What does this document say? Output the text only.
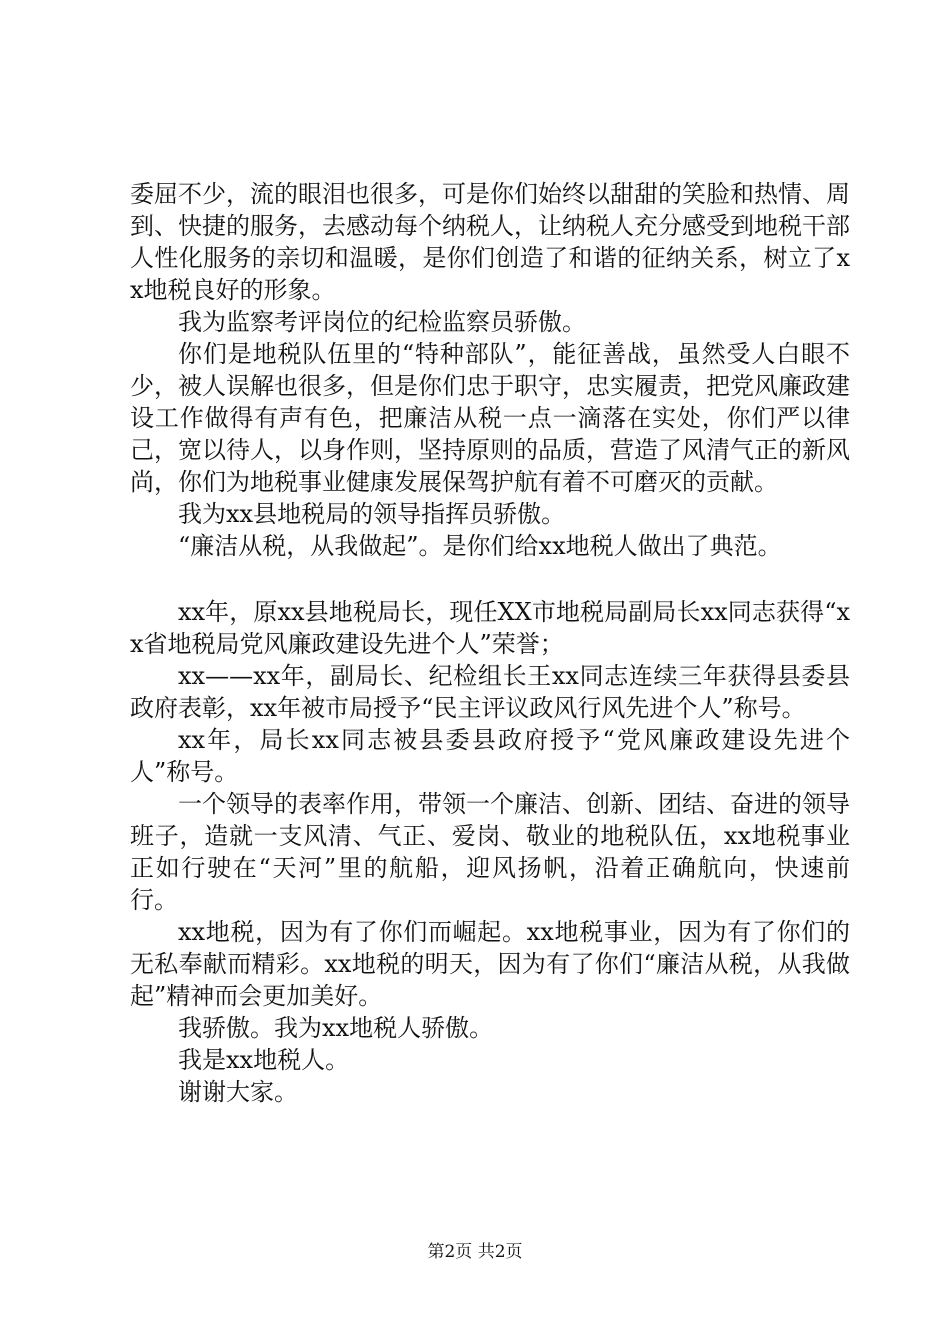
委屈不少，流的眼泪也很多，可是你们始终以甜甜的笑脸和热情、周到、快捷的服务，去感动每个纳税人，让纳税人充分感受到地税干部人性化服务的亲切和温暖，是你们创造了和谐的征纳关系，树立了xx地税良好的形象。

我为监察考评岗位的纪检监察员骄傲。

你们是地税队伍里的“特种部队”，能征善战，虽然受人白眼不少，被人误解也很多，但是你们忠于职守，忠实履责，把党风廉政建设工作做得有声有色，把廉洁从税一点一滴落在实处，你们严以律己，宽以待人，以身作则，坚持原则的品质，营造了风清气正的新风尚，你们为地税事业健康发展保驾护航有着不可磨灭的贡献。

我为xx县地税局的领导指挥员骄傲。

“廉洁从税，从我做起”。是你们给xx地税人做出了典范。

xx年，原xx县地税局长，现任XX市地税局副局长xx同志获得“xx省地税局党风廉政建设先进个人”荣誉；

xx——xx年，副局长、纪检组长王xx同志连续三年获得县委县政府表彰，xx年被市局授予“民主评议政风行风先进个人”称号。

xx年，局长xx同志被县委县政府授予“党风廉政建设先进个人”称号。

一个领导的表率作用，带领一个廉洁、创新、团结、奋进的领导班子，造就一支风清、气正、爱岗、敬业的地税队伍，xx地税事业正如行驶在“天河”里的航船，迎风扬帆，沿着正确航向，快速前行。

xx地税，因为有了你们而崛起。xx地税事业，因为有了你们的无私奉献而精彩。xx地税的明天，因为有了你们“廉洁从税，从我做起”精神而会更加美好。

我骄傲。我为xx地税人骄傲。

我是xx地税人。

谢谢大家。

第2页 共2页
